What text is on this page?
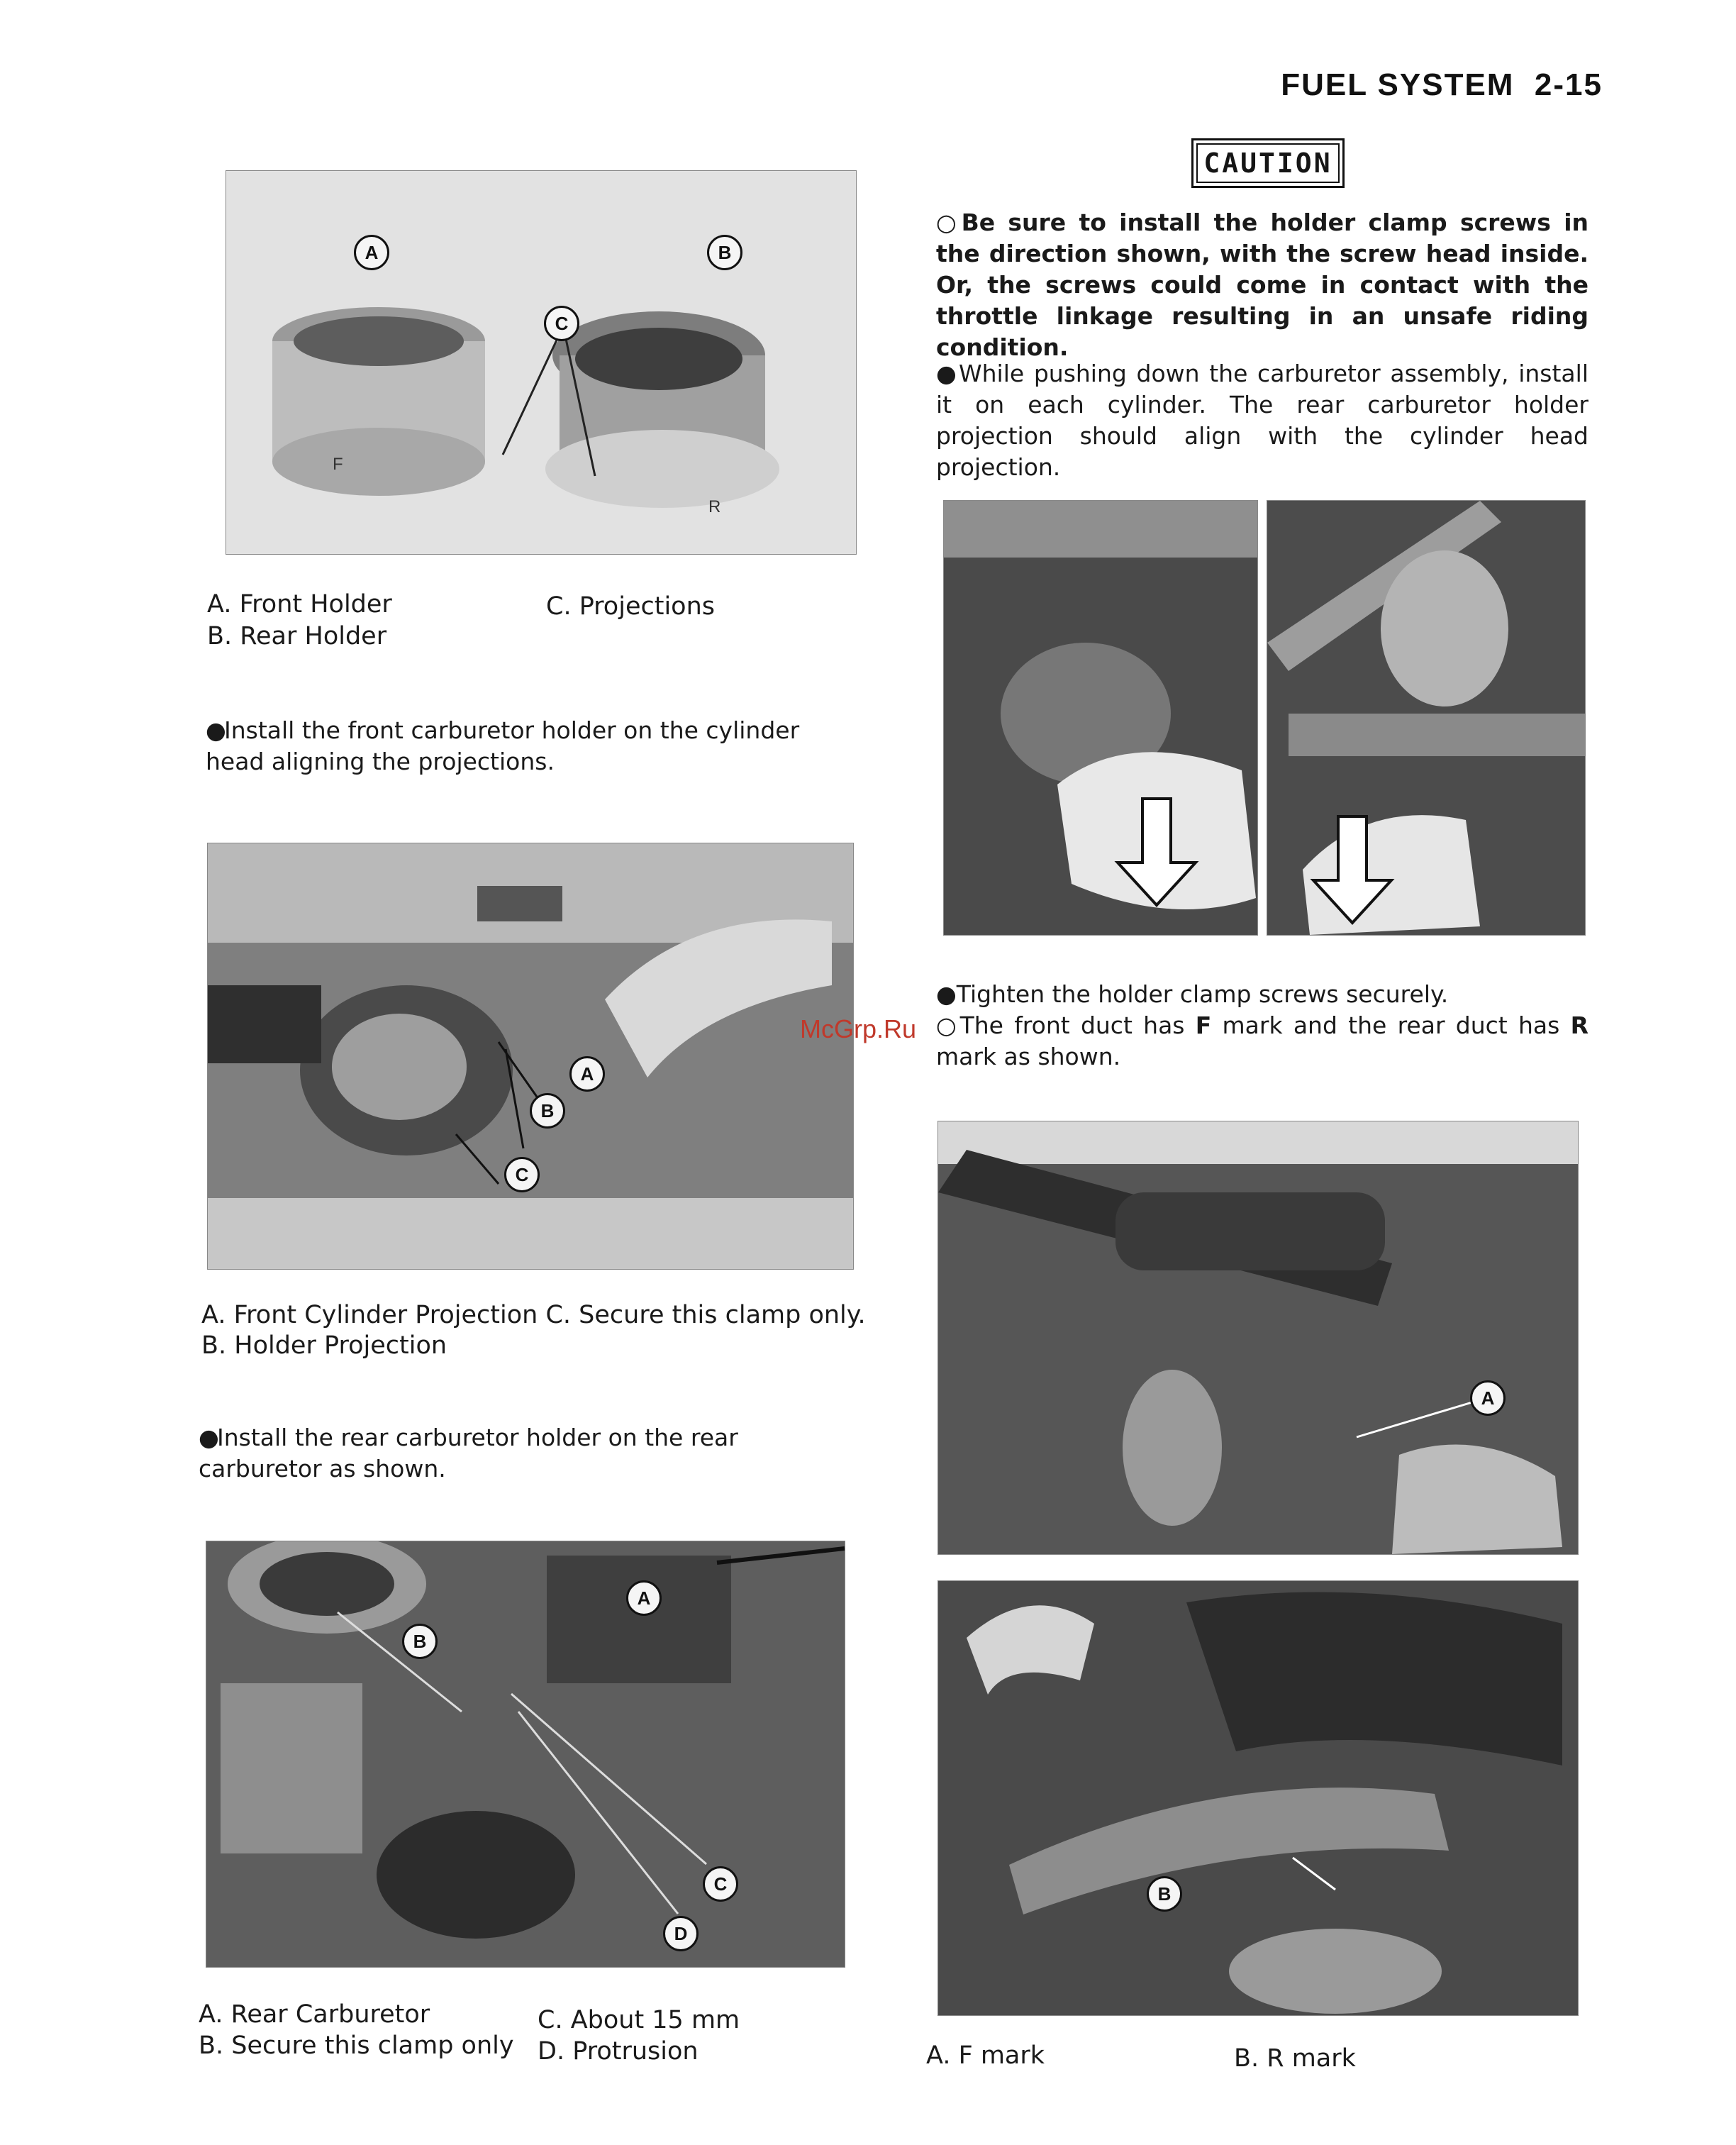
FUEL SYSTEM 2-15
A	B
C
F
R
A. Front Holder
B. Rear Holder
C. Projections
●Install the front carburetor holder on the cylinder head aligning the projections.
A
B
C
A. Front Cylinder Projection C. Secure this clamp only.
B. Holder Projection
●Install the rear carburetor holder on the rear carburetor as shown.
A
B
C
D
A. Rear Carburetor
B. Secure this clamp only
C. About 15 mm
D. Protrusion
CAUTION
○Be sure to install the holder clamp screws in the direction shown, with the screw head inside. Or, the screws could come in contact with the throttle linkage resulting in an unsafe riding condition.
●While pushing down the carburetor assembly, install it on each cylinder. The rear carburetor holder projection should align with the cylinder head projection.
●Tighten the holder clamp screws securely.
○The front duct has F mark and the rear duct has R mark as shown.
McGrp.Ru
A
B
A. F mark	B. R mark
